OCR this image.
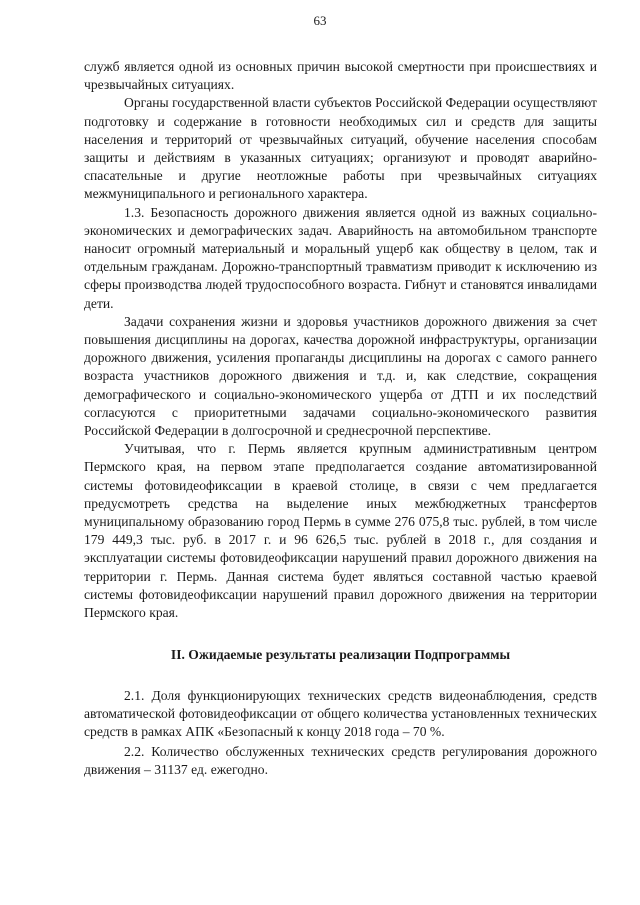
63

служб является одной из основных причин высокой смертности при происшествиях и чрезвычайных ситуациях.

Органы государственной власти субъектов Российской Федерации осуществляют подготовку и содержание в готовности необходимых сил и средств для защиты населения и территорий от чрезвычайных ситуаций, обучение населения способам защиты и действиям в указанных ситуациях; организуют и проводят аварийно-спасательные и другие неотложные работы при чрезвычайных ситуациях межмуниципального и регионального характера.

1.3. Безопасность дорожного движения является одной из важных социально-экономических и демографических задач. Аварийность на автомобильном транспорте наносит огромный материальный и моральный ущерб как обществу в целом, так и отдельным гражданам. Дорожно-транспортный травматизм приводит к исключению из сферы производства людей трудоспособного возраста. Гибнут и становятся инвалидами дети.

Задачи сохранения жизни и здоровья участников дорожного движения за счет повышения дисциплины на дорогах, качества дорожной инфраструктуры, организации дорожного движения, усиления пропаганды дисциплины на дорогах с самого раннего возраста участников дорожного движения и т.д. и, как следствие, сокращения демографического и социально-экономического ущерба от ДТП и их последствий согласуются с приоритетными задачами социально-экономического развития Российской Федерации в долгосрочной и среднесрочной перспективе.

Учитывая, что г. Пермь является крупным административным центром Пермского края, на первом этапе предполагается создание автоматизированной системы фотовидеофиксации в краевой столице, в связи с чем предлагается предусмотреть средства на выделение иных межбюджетных трансфертов муниципальному образованию город Пермь в сумме 276 075,8 тыс. рублей, в том числе 179 449,3 тыс. руб. в 2017 г. и 96 626,5 тыс. рублей в 2018 г., для создания и эксплуатации системы фотовидеофиксации нарушений правил дорожного движения на территории г. Пермь. Данная система будет являться составной частью краевой системы фотовидеофиксации нарушений правил дорожного движения на территории Пермского края.

II. Ожидаемые результаты реализации Подпрограммы

2.1. Доля функционирующих технических средств видеонаблюдения, средств автоматической фотовидеофиксации от общего количества установленных технических средств в рамках АПК «Безопасный к концу 2018 года – 70 %.

2.2. Количество обслуженных технических средств регулирования дорожного движения – 31137 ед. ежегодно.
